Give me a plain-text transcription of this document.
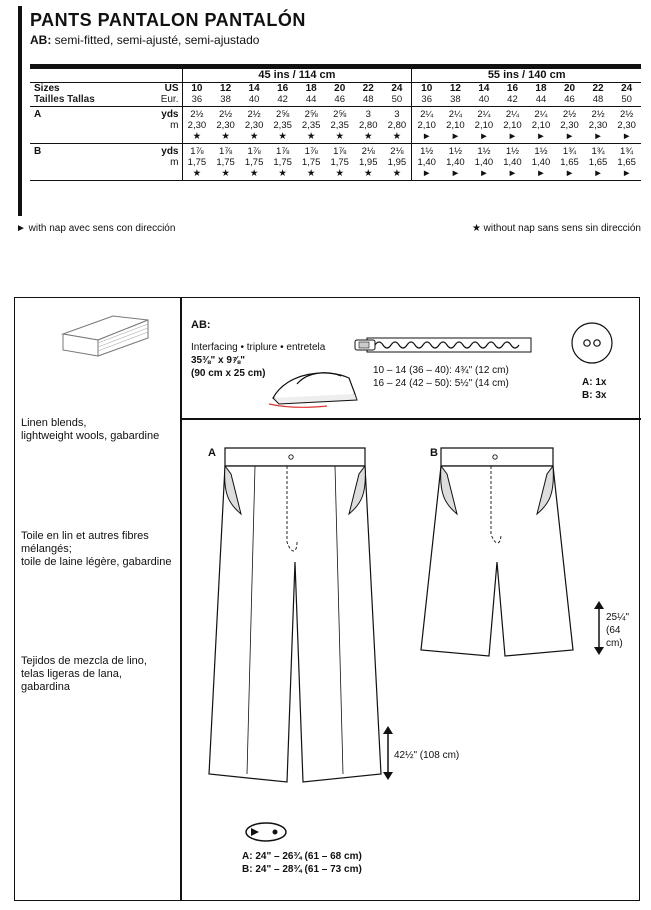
PANTS PANTALON PANTALÓN
AB: semi-fitted, semi-ajusté, semi-ajustado
		45 ins / 114 cm								55 ins / 140 cm							
Sizes	US	10	12	14	16	18	20	22	24	10	12	14	16	18	20	22	24
Tailles Tallas	Eur.	36	38	40	42	44	46	48	50	36	38	40	42	44	46	48	50
A	yds	2½	2½	2½	2⅝	2⅝	2⅝	3	3	2¼	2¼	2¼	2¼	2¼	2½	2½	2½
	m	2,30	2,30	2,30	2,35	2,35	2,35	2,80	2,80	2,10	2,10	2,10	2,10	2,10	2,30	2,30	2,30
		★	★	★	★	★	★	★	★	►	►	►	►	►	►	►	►
B	yds	1⅞	1⅞	1⅞	1⅞	1⅞	1⅞	2⅛	2⅛	1½	1½	1½	1½	1½	1¾	1¾	1¾
	m	1,75	1,75	1,75	1,75	1,75	1,75	1,95	1,95	1,40	1,40	1,40	1,40	1,40	1,65	1,65	1,65
		★	★	★	★	★	★	★	★	►	►	►	►	►	►	►	►
► with nap avec sens con dirección	★ without nap sans sens sin dirección
Linen blends,
lightweight wools, gabardine
Toile en lin et autres fibres
mélangés;
toile de laine légère, gabardine
Tejidos de mezcla de lino,
telas ligeras de lana,
gabardina
AB:
Interfacing • triplure • entretela
35⅜" x 9⅞"
(90 cm x 25 cm)	10 – 14 (36 – 40): 4¾" (12 cm)
16 – 24 (42 – 50): 5½" (14 cm)	A: 1x
B: 3x
A
42½" (108 cm)
B
25¼"
(64 cm)
A: 24" – 26¾ (61 – 68 cm)
B: 24" – 28¾ (61 – 73 cm)
